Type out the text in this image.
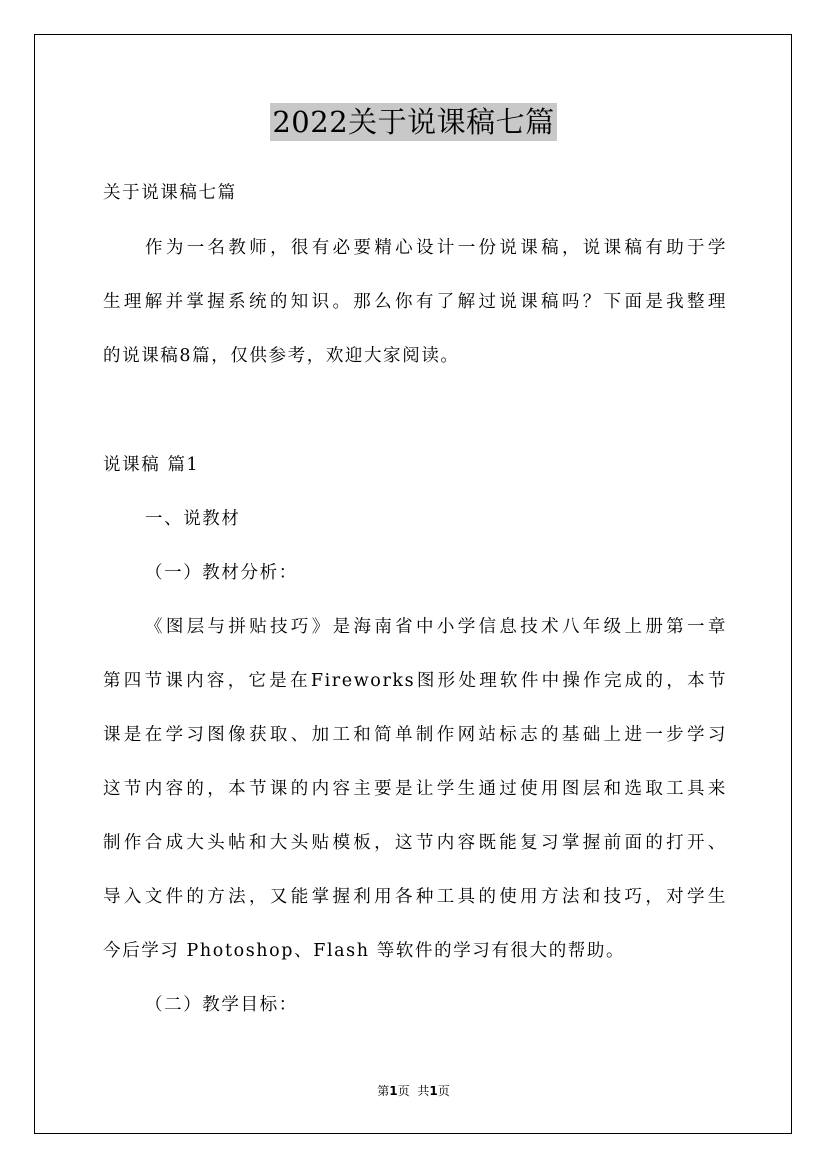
2022关于说课稿七篇
关于说课稿七篇
作为一名教师，很有必要精心设计一份说课稿，说课稿有助于学
生理解并掌握系统的知识。那么你有了解过说课稿吗？下面是我整理
的说课稿8篇，仅供参考，欢迎大家阅读。
说课稿 篇1
一、说教材
（一）教材分析：
《图层与拼贴技巧》是海南省中小学信息技术八年级上册第一章
第四节课内容，它是在Fireworks图形处理软件中操作完成的，本节
课是在学习图像获取、加工和简单制作网站标志的基础上进一步学习
这节内容的，本节课的内容主要是让学生通过使用图层和选取工具来
制作合成大头帖和大头贴模板，这节内容既能复习掌握前面的打开、
导入文件的方法，又能掌握利用各种工具的使用方法和技巧，对学生
今后学习 Photoshop、Flash 等软件的学习有很大的帮助。
（二）教学目标：
第1页 共1页
